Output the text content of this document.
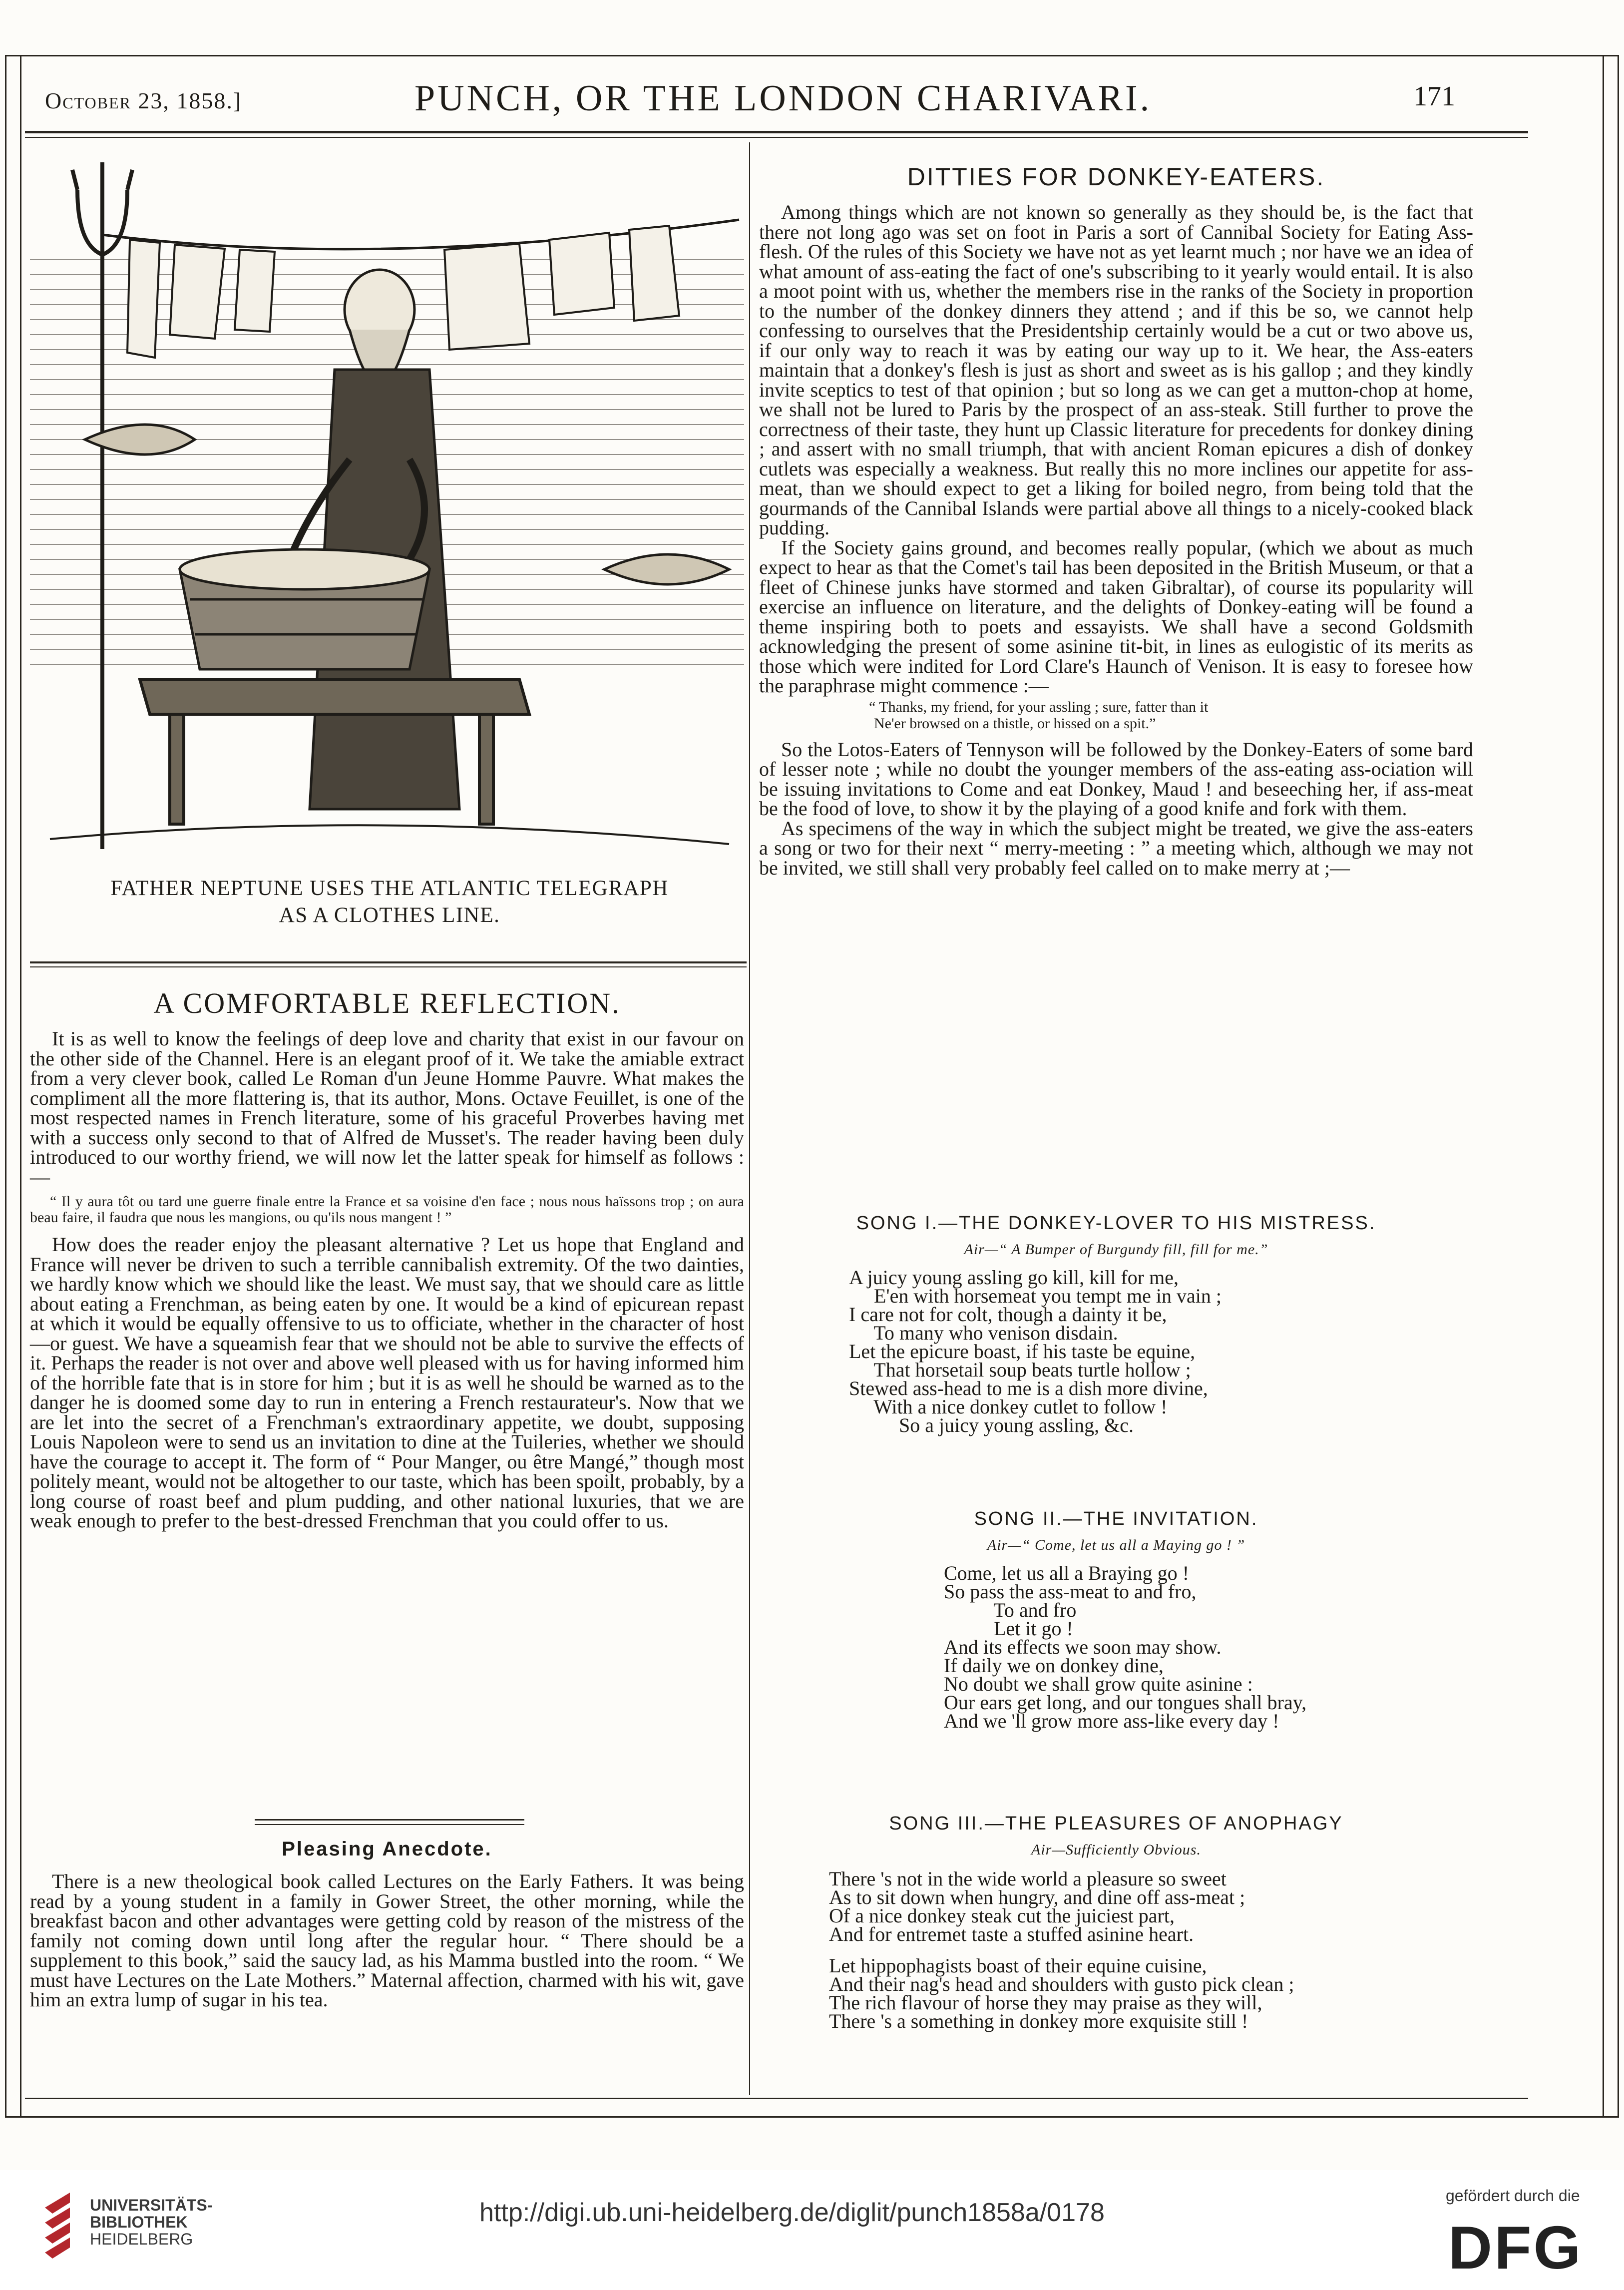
October 23, 1858.]	PUNCH, OR THE LONDON CHARIVARI.	171
FATHER NEPTUNE USES THE ATLANTIC TELEGRAPH
AS A CLOTHES LINE.
A COMFORTABLE REFLECTION.

It is as well to know the feelings of deep love and charity that exist in our favour on the other side of the Channel. Here is an elegant proof of it. We take the amiable extract from a very clever book, called Le Roman d'un Jeune Homme Pauvre. What makes the compliment all the more flattering is, that its author, Mons. Octave Feuillet, is one of the most respected names in French literature, some of his graceful Proverbes having met with a success only second to that of Alfred de Musset's. The reader having been duly introduced to our worthy friend, we will now let the latter speak for himself as follows :—

“ Il y aura tôt ou tard une guerre finale entre la France et sa voisine d'en face ; nous nous haïssons trop ; on aura beau faire, il faudra que nous les mangions, ou qu'ils nous mangent ! ”

How does the reader enjoy the pleasant alternative ? Let us hope that England and France will never be driven to such a terrible cannibalish extremity. Of the two dainties, we hardly know which we should like the least. We must say, that we should care as little about eating a Frenchman, as being eaten by one. It would be a kind of epicurean repast at which it would be equally offensive to us to officiate, whether in the character of host—or guest. We have a squeamish fear that we should not be able to survive the effects of it. Perhaps the reader is not over and above well pleased with us for having informed him of the horrible fate that is in store for him ; but it is as well he should be warned as to the danger he is doomed some day to run in entering a French restaurateur's. Now that we are let into the secret of a Frenchman's extraordinary appetite, we doubt, supposing Louis Napoleon were to send us an invitation to dine at the Tuileries, whether we should have the courage to accept it. The form of “ Pour Manger, ou être Mangé,” though most politely meant, would not be altogether to our taste, which has been spoilt, probably, by a long course of roast beef and plum pudding, and other national luxuries, that we are weak enough to prefer to the best-dressed Frenchman that you could offer to us.

Pleasing Anecdote.

There is a new theological book called Lectures on the Early Fathers. It was being read by a young student in a family in Gower Street, the other morning, while the breakfast bacon and other advantages were getting cold by reason of the mistress of the family not coming down until long after the regular hour. “ There should be a supplement to this book,” said the saucy lad, as his Mamma bustled into the room. “ We must have Lectures on the Late Mothers.” Maternal affection, charmed with his wit, gave him an extra lump of sugar in his tea.

DITTIES FOR DONKEY-EATERS.

Among things which are not known so generally as they should be, is the fact that there not long ago was set on foot in Paris a sort of Cannibal Society for Eating Ass-flesh. Of the rules of this Society we have not as yet learnt much ; nor have we an idea of what amount of ass-eating the fact of one's subscribing to it yearly would entail. It is also a moot point with us, whether the members rise in the ranks of the Society in proportion to the number of the donkey dinners they attend ; and if this be so, we cannot help confessing to ourselves that the Presidentship certainly would be a cut or two above us, if our only way to reach it was by eating our way up to it. We hear, the Ass-eaters maintain that a donkey's flesh is just as short and sweet as is his gallop ; and they kindly invite sceptics to test of that opinion ; but so long as we can get a mutton-chop at home, we shall not be lured to Paris by the prospect of an ass-steak. Still further to prove the correctness of their taste, they hunt up Classic literature for precedents for donkey dining ; and assert with no small triumph, that with ancient Roman epicures a dish of donkey cutlets was especially a weakness. But really this no more inclines our appetite for ass-meat, than we should expect to get a liking for boiled negro, from being told that the gourmands of the Cannibal Islands were partial above all things to a nicely-cooked black pudding.

If the Society gains ground, and becomes really popular, (which we about as much expect to hear as that the Comet's tail has been deposited in the British Museum, or that a fleet of Chinese junks have stormed and taken Gibraltar), of course its popularity will exercise an influence on literature, and the delights of Donkey-eating will be found a theme inspiring both to poets and essayists. We shall have a second Goldsmith acknowledging the present of some asinine tit-bit, in lines as eulogistic of its merits as those which were indited for Lord Clare's Haunch of Venison. It is easy to foresee how the paraphrase might commence :—

“ Thanks, my friend, for your assling ; sure, fatter than it
Ne'er browsed on a thistle, or hissed on a spit.”

So the Lotos-Eaters of Tennyson will be followed by the Donkey-Eaters of some bard of lesser note ; while no doubt the younger members of the ass-eating ass-ociation will be issuing invitations to Come and eat Donkey, Maud ! and beseeching her, if ass-meat be the food of love, to show it by the playing of a good knife and fork with them.

As specimens of the way in which the subject might be treated, we give the ass-eaters a song or two for their next “ merry-meeting : ” a meeting which, although we may not be invited, we still shall very probably feel called on to make merry at ;—

SONG I.—THE DONKEY-LOVER TO HIS MISTRESS.
Air—“ A Bumper of Burgundy fill, fill for me.”
A juicy young assling go kill, kill for me,
E'en with horsemeat you tempt me in vain ;
I care not for colt, though a dainty it be,
To many who venison disdain.
Let the epicure boast, if his taste be equine,
That horsetail soup beats turtle hollow ;
Stewed ass-head to me is a dish more divine,
With a nice donkey cutlet to follow !
So a juicy young assling, &c.
SONG II.—THE INVITATION.
Air—“ Come, let us all a Maying go ! ”
Come, let us all a Braying go !
So pass the ass-meat to and fro,
To and fro
Let it go !
And its effects we soon may show.
If daily we on donkey dine,
No doubt we shall grow quite asinine :
Our ears get long, and our tongues shall bray,
And we 'll grow more ass-like every day !
SONG III.—THE PLEASURES OF ANOPHAGY
Air—Sufficiently Obvious.
There 's not in the wide world a pleasure so sweet
As to sit down when hungry, and dine off ass-meat ;
Of a nice donkey steak cut the juiciest part,
And for entremet taste a stuffed asinine heart.
Let hippophagists boast of their equine cuisine,
And their nag's head and shoulders with gusto pick clean ;
The rich flavour of horse they may praise as they will,
There 's a something in donkey more exquisite still !
UNIVERSITÄTS-
BIBLIOTHEK
HEIDELBERG
http://digi.ub.uni-heidelberg.de/diglit/punch1858a/0178
gefördert durch die
DFG
